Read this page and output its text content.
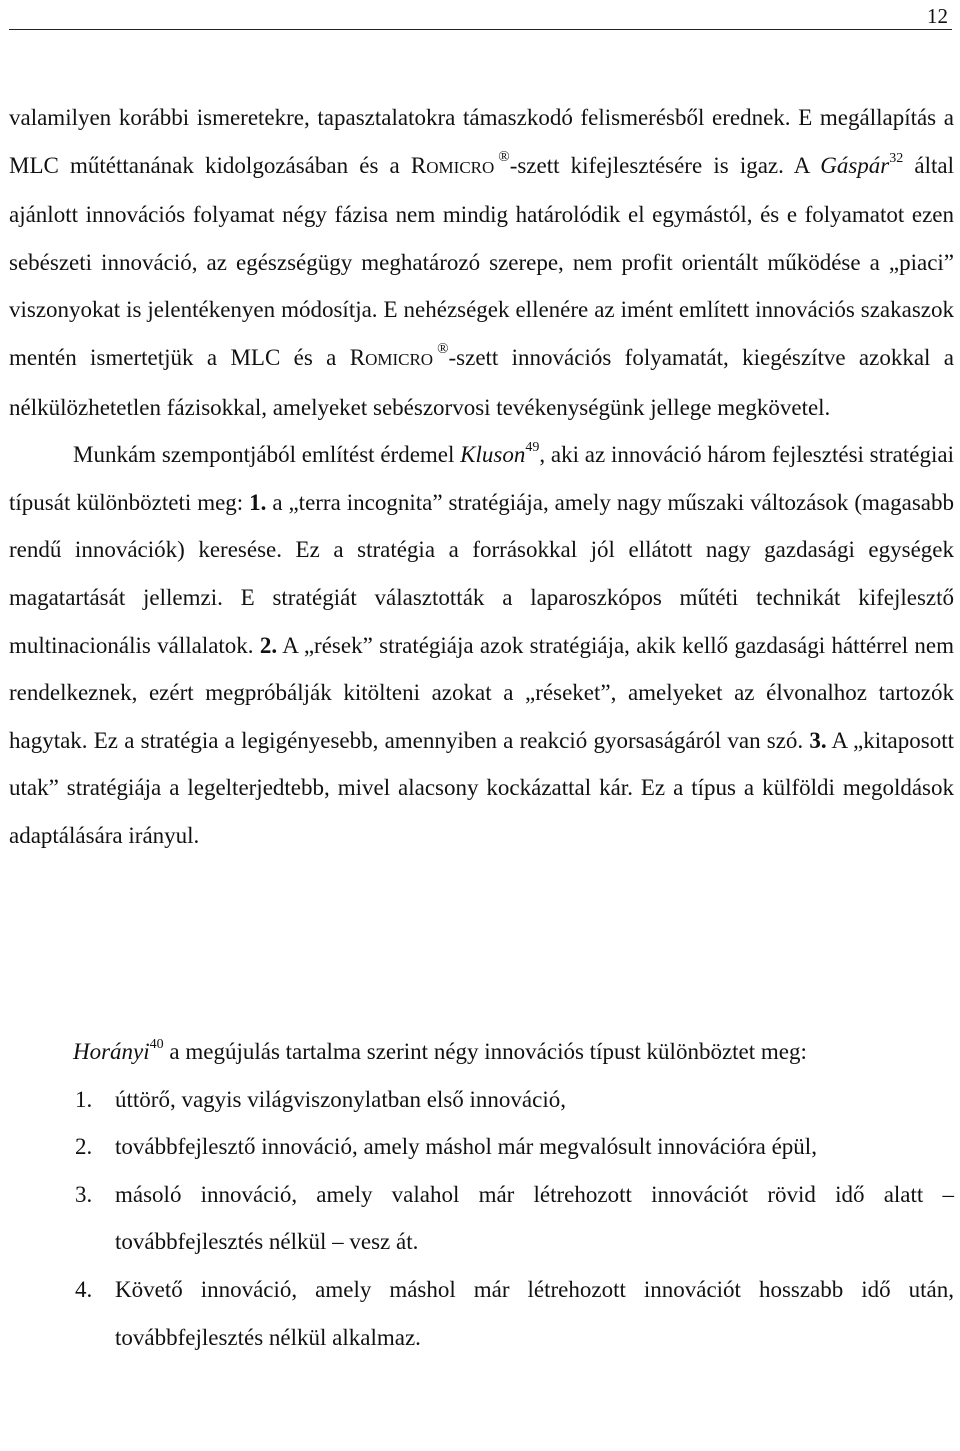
12

valamilyen korábbi ismeretekre, tapasztalatokra támaszkodó felismerésből erednek. E megállapítás a MLC műtéttanának kidolgozásában és a ROMICRO®-szett kifejlesztésére is igaz. A Gáspár$^{32}$ által ajánlott innovációs folyamat négy fázisa nem mindig határolódik el egymástól, és e folyamatot ezen sebészeti innováció, az egészségügy meghatározó szerepe, nem profit orientált működése a „piaci” viszonyokat is jelentékenyen módosítja. E nehézségek ellenére az imént említett innovációs szakaszok mentén ismertetjük a MLC és a ROMICRO®-szett innovációs folyamatát, kiegészítve azokkal a nélkülözhetetlen fázisokkal, amelyeket sebészorvosi tevékenységünk jellege megkövetel.

Munkám szempontjából említést érdemel Kluson$^{49}$, aki az innováció három fejlesztési stratégiai típusát különbözteti meg: 1. a „terra incognita” stratégiája, amely nagy műszaki változások (magasabb rendű innovációk) keresése. Ez a stratégia a forrásokkal jól ellátott nagy gazdasági egységek magatartását jellemzi. E stratégiát választották a laparoszkópos műtéti technikát kifejlesztő multinacionális vállalatok. 2. A „rések” stratégiája azok stratégiája, akik kellő gazdasági háttérrel nem rendelkeznek, ezért megpróbálják kitölteni azokat a „réseket”, amelyeket az élvonalhoz tartozók hagytak. Ez a stratégia a legigényesebb, amennyiben a reakció gyorsaságáról van szó. 3. A „kitaposott utak” stratégiája a legelterjedtebb, mivel alacsony kockázattal kár. Ez a típus a külföldi megoldások adaptálására irányul.

Horányi$^{40}$ a megújulás tartalma szerint négy innovációs típust különböztet meg:

1. úttörő, vagyis világviszonylatban első innováció,
2. továbbfejlesztő innováció, amely máshol már megvalósult innovációra épül,
3. másoló innováció, amely valahol már létrehozott innovációt rövid idő alatt – továbbfejlesztés nélkül – vesz át.
4. Követő innováció, amely máshol már létrehozott innovációt hosszabb idő után, továbbfejlesztés nélkül alkalmaz.
